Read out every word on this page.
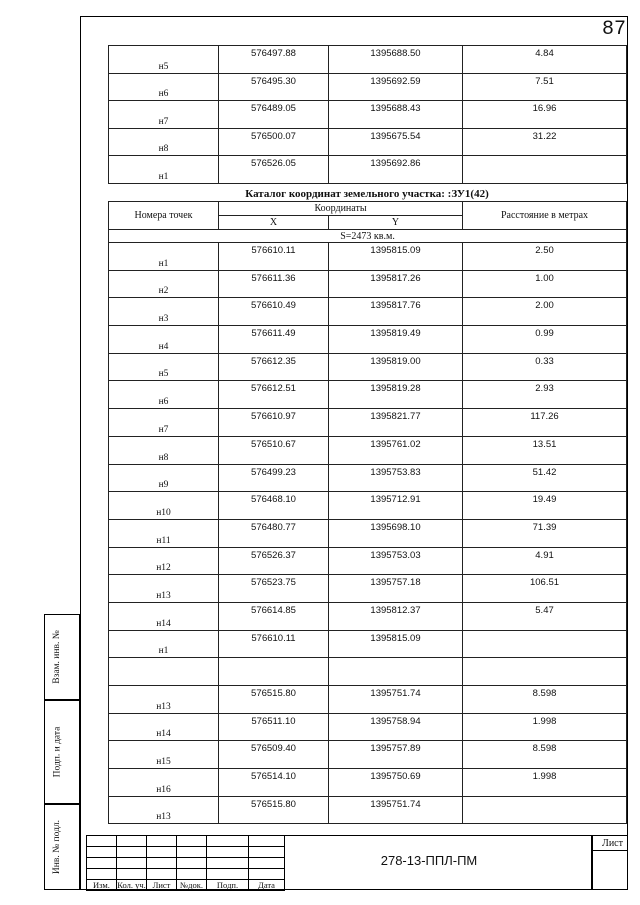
87
Взам. инв. №
Подп. и дата
Инв. № подл.
н5	576497.88	1395688.50	4.84
н6	576495.30	1395692.59	7.51
н7	576489.05	1395688.43	16.96
н8	576500.07	1395675.54	31.22
н1	576526.05	1395692.86	
Каталог координат земельного участка: :ЗУ1(42)
Номера точек	Координаты		Расстояние в метрах
	X	Y	
S=2473 кв.м.			
н1	576610.11	1395815.09	2.50
н2	576611.36	1395817.26	1.00
н3	576610.49	1395817.76	2.00
н4	576611.49	1395819.49	0.99
н5	576612.35	1395819.00	0.33
н6	576612.51	1395819.28	2.93
н7	576610.97	1395821.77	117.26
н8	576510.67	1395761.02	13.51
н9	576499.23	1395753.83	51.42
н10	576468.10	1395712.91	19.49
н11	576480.77	1395698.10	71.39
н12	576526.37	1395753.03	4.91
н13	576523.75	1395757.18	106.51
н14	576614.85	1395812.37	5.47
н1	576610.11	1395815.09	

н13	576515.80	1395751.74	8.598
н14	576511.10	1395758.94	1.998
н15	576509.40	1395757.89	8.598
н16	576514.10	1395750.69	1.998
н13	576515.80	1395751.74	

Изм.	Кол. уч.	Лист	№док.	Подп.	Дата
278-13-ППЛ-ПМ
Лист
